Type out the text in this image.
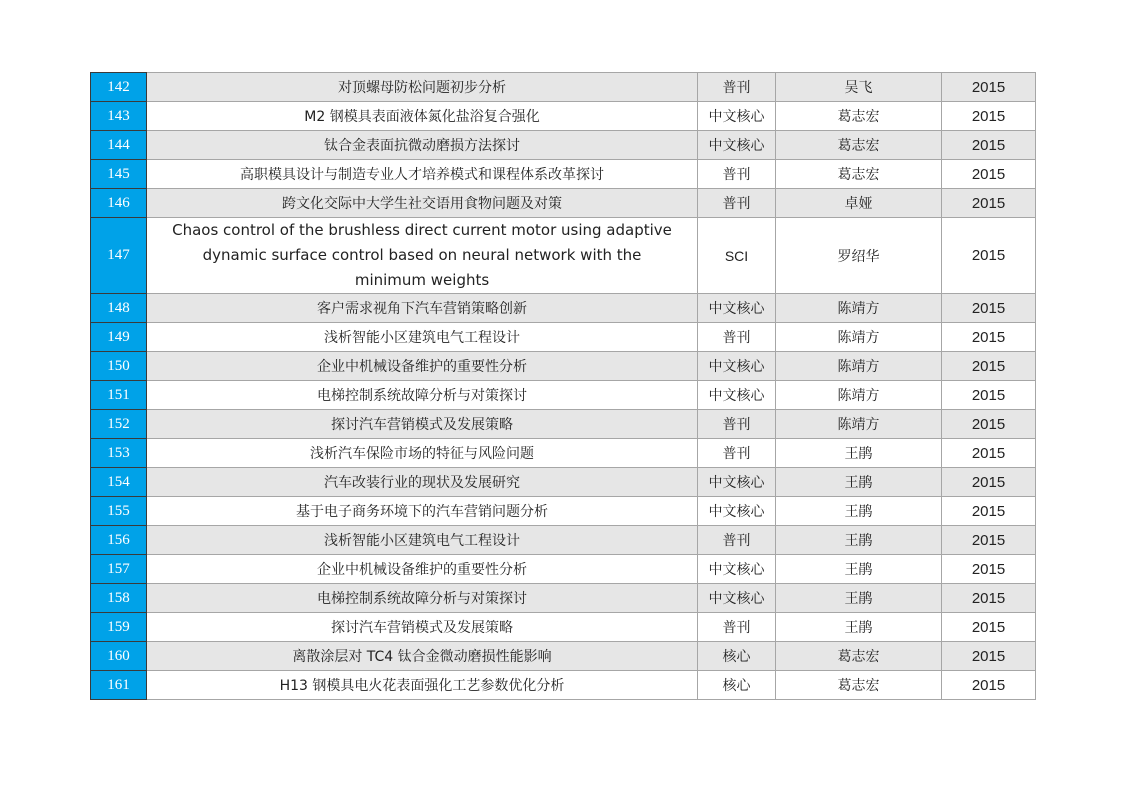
142	对顶螺母防松问题初步分析	普刊	吴飞	2015
143	M2 钢模具表面液体氮化盐浴复合强化	中文核心	葛志宏	2015
144	钛合金表面抗微动磨损方法探讨	中文核心	葛志宏	2015
145	高职模具设计与制造专业人才培养模式和课程体系改革探讨	普刊	葛志宏	2015
146	跨文化交际中大学生社交语用食物问题及对策	普刊	卓娅	2015
147	Chaos control of the brushless direct current motor using adaptive dynamic surface control based on neural network with the minimum weights	SCI	罗绍华	2015
148	客户需求视角下汽车营销策略创新	中文核心	陈靖方	2015
149	浅析智能小区建筑电气工程设计	普刊	陈靖方	2015
150	企业中机械设备维护的重要性分析	中文核心	陈靖方	2015
151	电梯控制系统故障分析与对策探讨	中文核心	陈靖方	2015
152	探讨汽车营销模式及发展策略	普刊	陈靖方	2015
153	浅析汽车保险市场的特征与风险问题	普刊	王鹃	2015
154	汽车改装行业的现状及发展研究	中文核心	王鹃	2015
155	基于电子商务环境下的汽车营销问题分析	中文核心	王鹃	2015
156	浅析智能小区建筑电气工程设计	普刊	王鹃	2015
157	企业中机械设备维护的重要性分析	中文核心	王鹃	2015
158	电梯控制系统故障分析与对策探讨	中文核心	王鹃	2015
159	探讨汽车营销模式及发展策略	普刊	王鹃	2015
160	离散涂层对 TC4 钛合金微动磨损性能影响	核心	葛志宏	2015
161	H13 钢模具电火花表面强化工艺参数优化分析	核心	葛志宏	2015
